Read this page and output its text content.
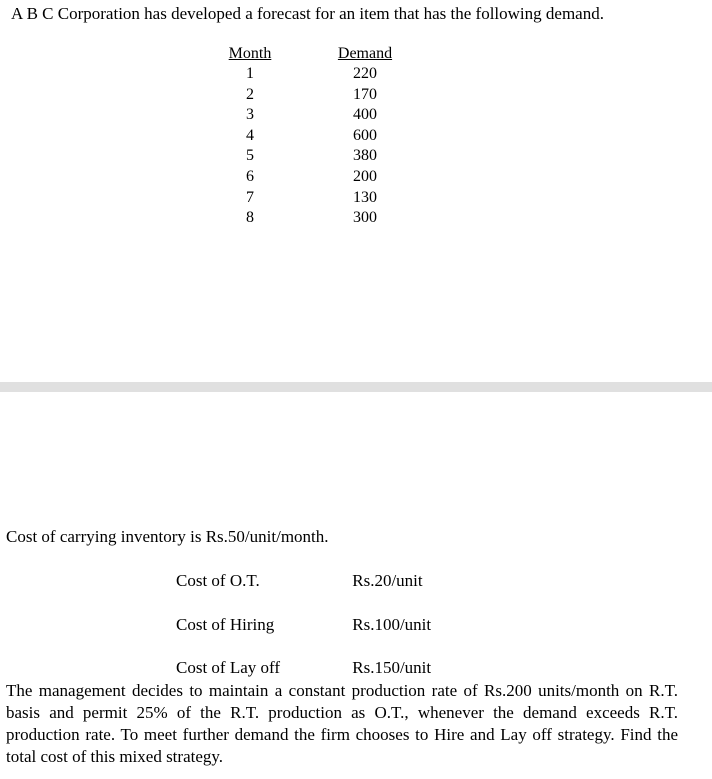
A B C Corporation has developed a forecast for an item that has the following demand.
Month		Demand
1		220
2		170
3		400
4		600
5		380
6		200
7		130
8		300
Cost of carrying inventory is Rs.50/unit/month.
Cost of O.T.	Rs.20/unit
Cost of Hiring	Rs.100/unit
Cost of Lay off	Rs.150/unit

The management decides to maintain a constant production rate of Rs.200 units/month on R.T. basis and permit 25% of the R.T. production as O.T., whenever the demand exceeds R.T. production rate. To meet further demand the firm chooses to Hire and Lay off strategy. Find the total cost of this mixed strategy.
